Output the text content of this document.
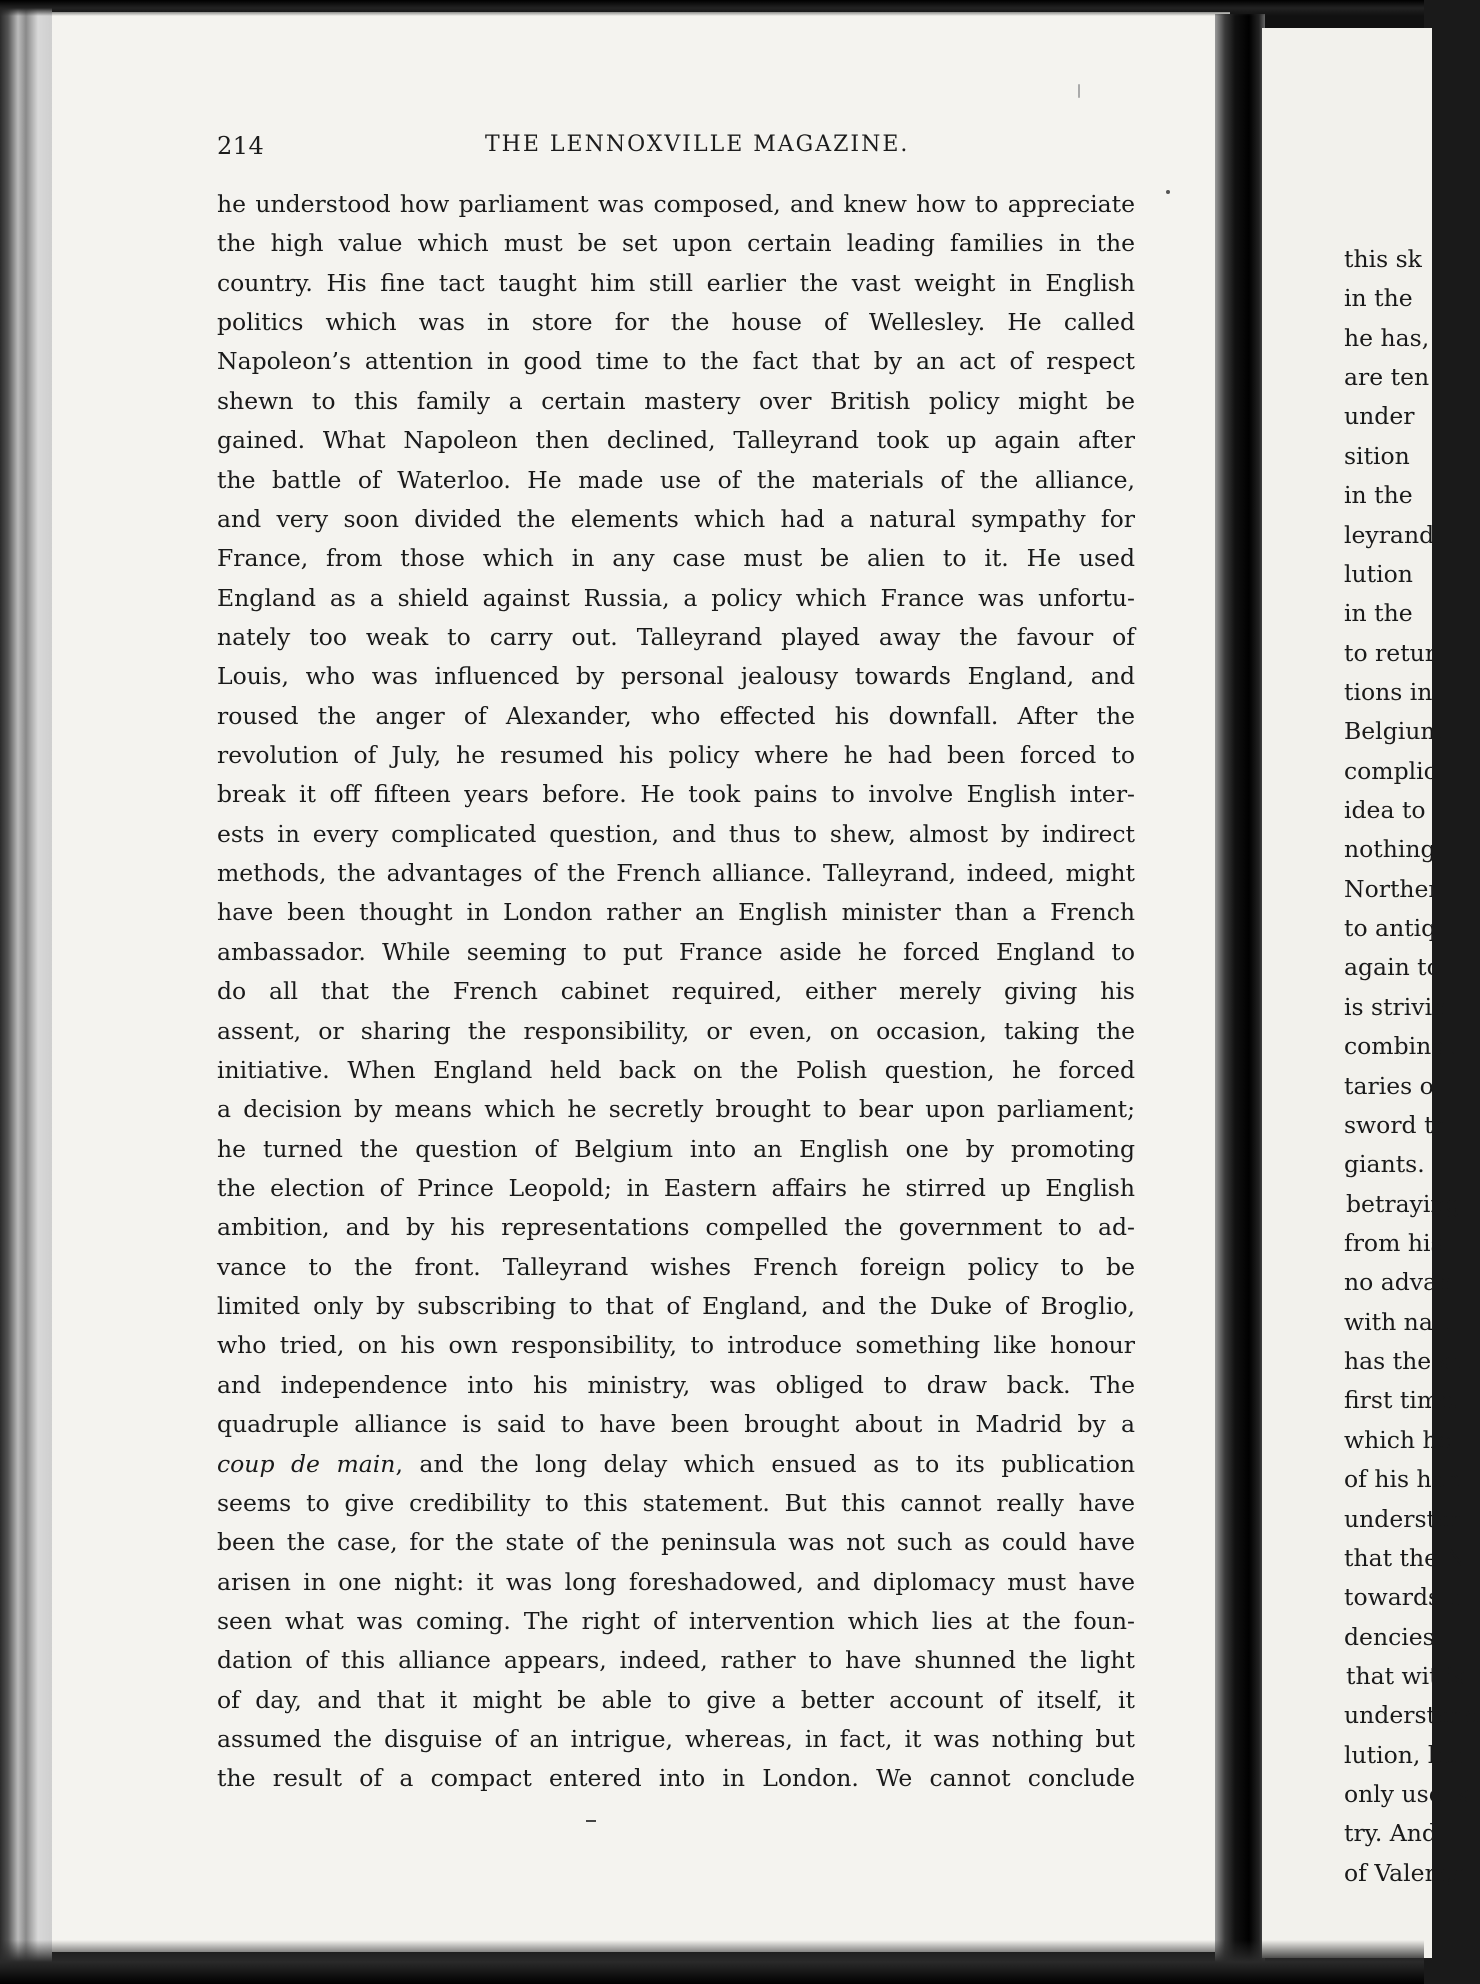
214	THE LENNOXVILLE MAGAZINE.
he understood how parliament was composed, and knew how to appreciate
the high value which must be set upon certain leading families in the
country. His fine tact taught him still earlier the vast weight in English
politics which was in store for the house of Wellesley. He called
Napoleon’s attention in good time to the fact that by an act of respect
shewn to this family a certain mastery over British policy might be
gained. What Napoleon then declined, Talleyrand took up again after
the battle of Waterloo. He made use of the materials of the alliance,
and very soon divided the elements which had a natural sympathy for
France, from those which in any case must be alien to it. He used
England as a shield against Russia, a policy which France was unfortu-
nately too weak to carry out. Talleyrand played away the favour of
Louis, who was influenced by personal jealousy towards England, and
roused the anger of Alexander, who effected his downfall. After the
revolution of July, he resumed his policy where he had been forced to
break it off fifteen years before. He took pains to involve English inter-
ests in every complicated question, and thus to shew, almost by indirect
methods, the advantages of the French alliance. Talleyrand, indeed, might
have been thought in London rather an English minister than a French
ambassador. While seeming to put France aside he forced England to
do all that the French cabinet required, either merely giving his
assent, or sharing the responsibility, or even, on occasion, taking the
initiative. When England held back on the Polish question, he forced
a decision by means which he secretly brought to bear upon parliament;
he turned the question of Belgium into an English one by promoting
the election of Prince Leopold; in Eastern affairs he stirred up English
ambition, and by his representations compelled the government to ad-
vance to the front. Talleyrand wishes French foreign policy to be
limited only by subscribing to that of England, and the Duke of Broglio,
who tried, on his own responsibility, to introduce something like honour
and independence into his ministry, was obliged to draw back. The
quadruple alliance is said to have been brought about in Madrid by a
coup de main, and the long delay which ensued as to its publication
seems to give credibility to this statement. But this cannot really have
been the case, for the state of the peninsula was not such as could have
arisen in one night: it was long foreshadowed, and diplomacy must have
seen what was coming. The right of intervention which lies at the foun-
dation of this alliance appears, indeed, rather to have shunned the light
of day, and that it might be able to give a better account of itself, it
assumed the disguise of an intrigue, whereas, in fact, it was nothing but
the result of a compact entered into in London. We cannot conclude
this sk
in the
he has,
are ten
under
sition
in the
leyrand
lution
in the
to retur
tions in
Belgium
complic
idea to
nothing
Norther
to antiq
again to
is strivin
combinat
taries of
sword tr
giants.
betraying
from his
no advan
with nati
has the st
first time.
which he
of his han
understan
that the N
towards it
dencies.
that wit is
understand
lution, but
only use is
try. And
of Valença
